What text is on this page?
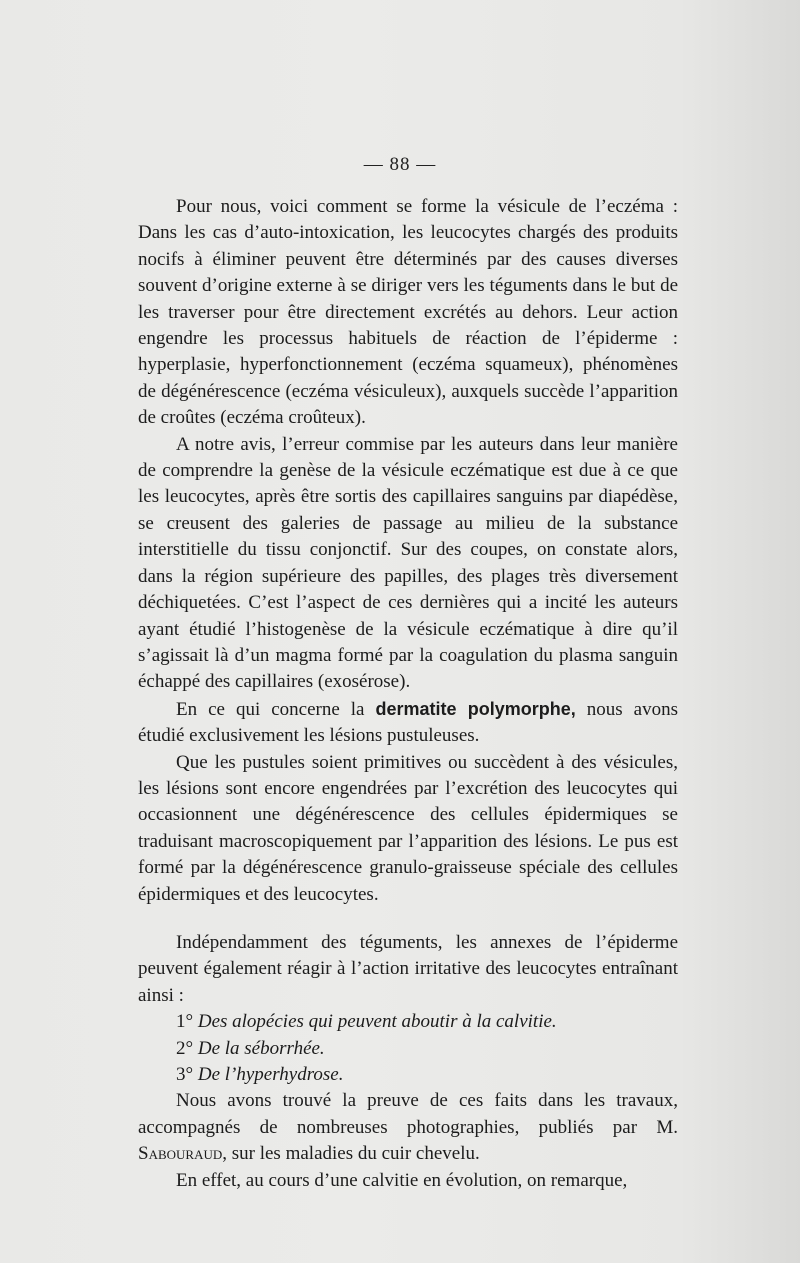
— 88 —

Pour nous, voici comment se forme la vésicule de l’eczéma : Dans les cas d’auto-intoxication, les leucocytes chargés des produits nocifs à éliminer peuvent être déterminés par des causes diverses souvent d’origine externe à se diriger vers les téguments dans le but de les traverser pour être directement excrétés au dehors. Leur action engendre les processus habituels de réaction de l’épiderme : hyperplasie, hyperfonctionnement (eczéma squameux), phénomènes de dégénérescence (eczéma vésiculeux), auxquels succède l’apparition de croûtes (eczéma croûteux).

A notre avis, l’erreur commise par les auteurs dans leur manière de comprendre la genèse de la vésicule eczématique est due à ce que les leucocytes, après être sortis des capillaires sanguins par diapédèse, se creusent des galeries de passage au milieu de la substance interstitielle du tissu conjonctif. Sur des coupes, on constate alors, dans la région supérieure des papilles, des plages très diversement déchiquetées. C’est l’aspect de ces dernières qui a incité les auteurs ayant étudié l’histogenèse de la vésicule eczématique à dire qu’il s’agissait là d’un magma formé par la coagulation du plasma sanguin échappé des capillaires (exosérose).

En ce qui concerne la dermatite polymorphe, nous avons étudié exclusivement les lésions pustuleuses.

Que les pustules soient primitives ou succèdent à des vésicules, les lésions sont encore engendrées par l’excrétion des leucocytes qui occasionnent une dégénérescence des cellules épidermiques se traduisant macroscopiquement par l’apparition des lésions. Le pus est formé par la dégénérescence granulo-graisseuse spéciale des cellules épidermiques et des leucocytes.

Indépendamment des téguments, les annexes de l’épiderme peuvent également réagir à l’action irritative des leucocytes entraînant ainsi :

1° Des alopécies qui peuvent aboutir à la calvitie.

2° De la séborrhée.

3° De l’hyperhydrose.

Nous avons trouvé la preuve de ces faits dans les travaux, accompagnés de nombreuses photographies, publiés par M. Sabouraud, sur les maladies du cuir chevelu.

En effet, au cours d’une calvitie en évolution, on remarque,
